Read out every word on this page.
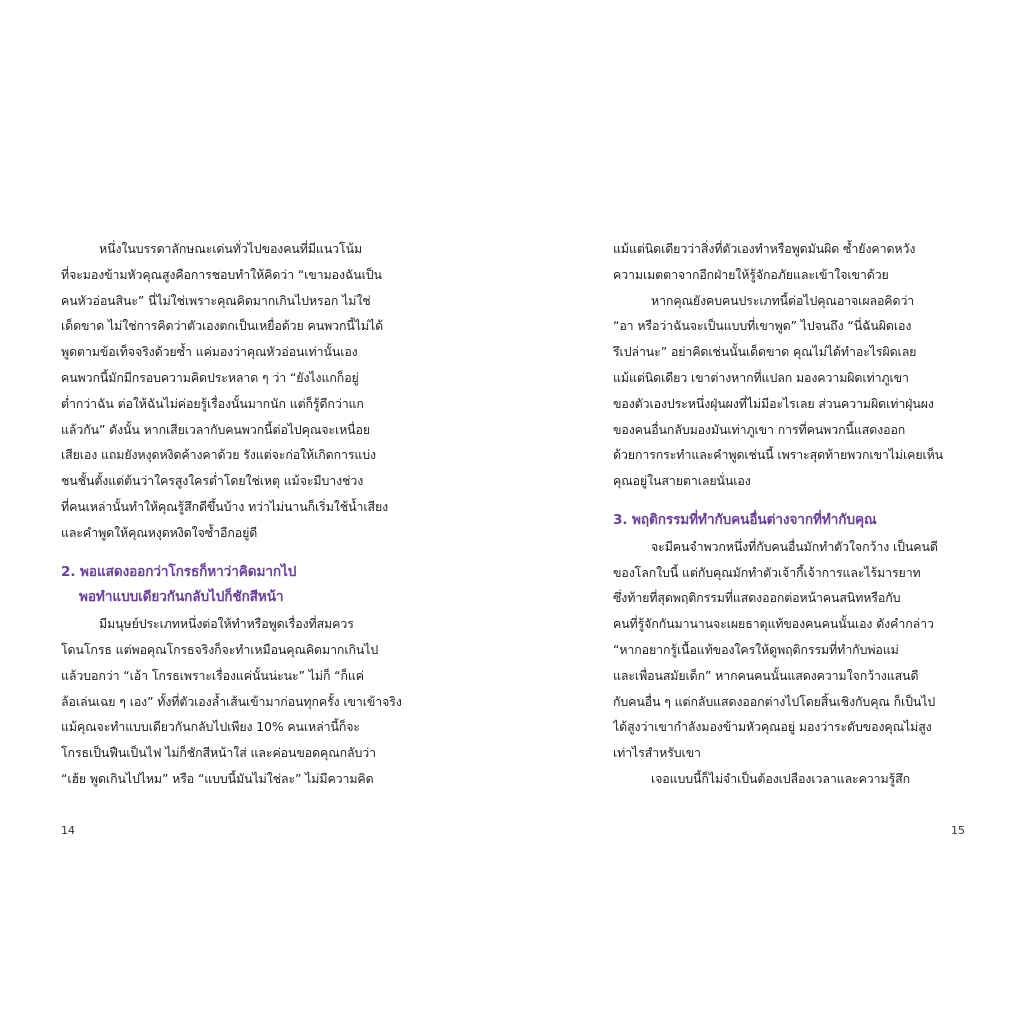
หนึ่งในบรรดาลักษณะเด่นทั่วไปของคนที่มีแนวโน้ม
ที่จะมองข้ามหัวคุณสูงคือการชอบทำให้คิดว่า “เขามองฉันเป็น
คนหัวอ่อนสินะ” นี่ไม่ใช่เพราะคุณคิดมากเกินไปหรอก ไม่ใช่
เด็ดขาด ไม่ใช่การคิดว่าตัวเองตกเป็นเหยื่อด้วย คนพวกนี้ไม่ได้
พูดตามข้อเท็จจริงด้วยซ้ำ แค่มองว่าคุณหัวอ่อนเท่านั้นเอง
คนพวกนี้มักมีกรอบความคิดประหลาด ๆ ว่า “ยังไงแกก็อยู่
ต่ำกว่าฉัน ต่อให้ฉันไม่ค่อยรู้เรื่องนั้นมากนัก แต่ก็รู้ดีกว่าแก
แล้วกัน” ดังนั้น หากเสียเวลากับคนพวกนี้ต่อไปคุณจะเหนื่อย
เสียเอง แถมยังหงุดหงิดค้างคาด้วย รังแต่จะก่อให้เกิดการแบ่ง
ชนชั้นตั้งแต่ต้นว่าใครสูงใครต่ำโดยใช่เหตุ แม้จะมีบางช่วง
ที่คนเหล่านั้นทำให้คุณรู้สึกดีขึ้นบ้าง ทว่าไม่นานก็เริ่มใช้น้ำเสียง
และคำพูดให้คุณหงุดหงิดใจซ้ำอีกอยู่ดี

2. พอแสดงออกว่าโกรธก็หาว่าคิดมากไป
พอทำแบบเดียวกันกลับไปก็ชักสีหน้า

มีมนุษย์ประเภทหนึ่งต่อให้ทำหรือพูดเรื่องที่สมควร
โดนโกรธ แต่พอคุณโกรธจริงก็จะทำเหมือนคุณคิดมากเกินไป
แล้วบอกว่า “เอ้า โกรธเพราะเรื่องแค่นั้นน่ะนะ” ไม่ก็ “ก็แค่
ล้อเล่นเฉย ๆ เอง” ทั้งที่ตัวเองล้ำเส้นเข้ามาก่อนทุกครั้ง เขาเข้าจริง
แม้คุณจะทำแบบเดียวกันกลับไปเพียง 10% คนเหล่านี้ก็จะ
โกรธเป็นฟืนเป็นไฟ ไม่ก็ชักสีหน้าใส่ และค่อนขอดคุณกลับว่า
“เฮ้ย พูดเกินไปไหม” หรือ “แบบนี้มันไม่ใช่ละ” ไม่มีความคิด

แม้แต่นิดเดียวว่าสิ่งที่ตัวเองทำหรือพูดมันผิด ซ้ำยังคาดหวัง
ความเมตตาจากอีกฝ่ายให้รู้จักอภัยและเข้าใจเขาด้วย

หากคุณยังคบคนประเภทนี้ต่อไปคุณอาจเผลอคิดว่า
“อา หรือว่าฉันจะเป็นแบบที่เขาพูด” ไปจนถึง “นี่ฉันผิดเอง
รึเปล่านะ” อย่าคิดเช่นนั้นเด็ดขาด คุณไม่ได้ทำอะไรผิดเลย
แม้แต่นิดเดียว เขาต่างหากที่แปลก มองความผิดเท่าภูเขา
ของตัวเองประหนึ่งฝุ่นผงที่ไม่มีอะไรเลย ส่วนความผิดเท่าฝุ่นผง
ของคนอื่นกลับมองมันเท่าภูเขา การที่คนพวกนี้แสดงออก
ด้วยการกระทำและคำพูดเช่นนี้ เพราะสุดท้ายพวกเขาไม่เคยเห็น
คุณอยู่ในสายตาเลยนั่นเอง

3. พฤติกรรมที่ทำกับคนอื่นต่างจากที่ทำกับคุณ

จะมีคนจำพวกหนึ่งที่กับคนอื่นมักทำตัวใจกว้าง เป็นคนดี
ของโลกใบนี้ แต่กับคุณมักทำตัวเจ้ากี้เจ้าการและไร้มารยาท
ซึ่งท้ายที่สุดพฤติกรรมที่แสดงออกต่อหน้าคนสนิทหรือกับ
คนที่รู้จักกันมานานจะเผยธาตุแท้ของคนคนนั้นเอง ดังคำกล่าว
“หากอยากรู้เนื้อแท้ของใครให้ดูพฤติกรรมที่ทำกับพ่อแม่
และเพื่อนสมัยเด็ก” หากคนคนนั้นแสดงความใจกว้างแสนดี
กับคนอื่น ๆ แต่กลับแสดงออกต่างไปโดยสิ้นเชิงกับคุณ ก็เป็นไป
ได้สูงว่าเขากำลังมองข้ามหัวคุณอยู่ มองว่าระดับของคุณไม่สูง
เท่าไรสำหรับเขา

เจอแบบนี้ก็ไม่จำเป็นต้องเปลืองเวลาและความรู้สึก

14	15
